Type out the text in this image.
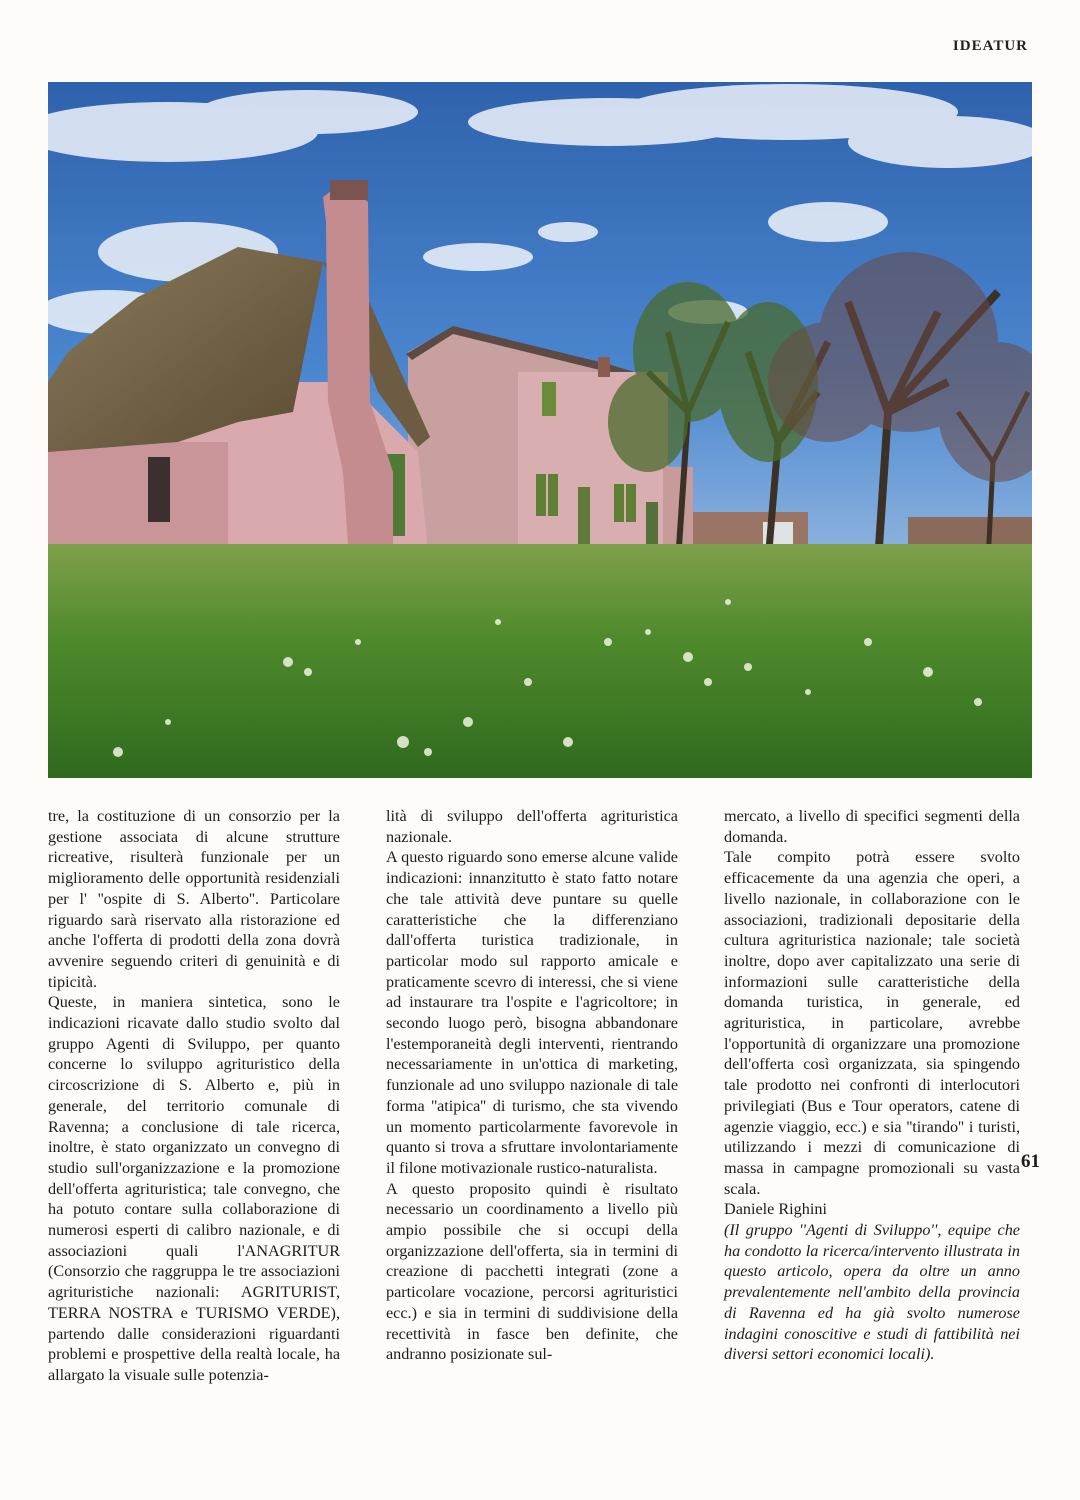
IDEATUR

tre, la costituzione di un consorzio per la gestione associata di alcune strutture ricreative, risulterà funzionale per un miglioramento delle opportunità residenziali per l' ''ospite di S. Alberto''. Particolare riguardo sarà riservato alla ristorazione ed anche l'offerta di prodotti della zona dovrà avvenire seguendo criteri di genuinità e di tipicità.

Queste, in maniera sintetica, sono le indicazioni ricavate dallo studio svolto dal gruppo Agenti di Sviluppo, per quanto concerne lo sviluppo agrituristico della circoscrizione di S. Alberto e, più in generale, del territorio comunale di Ravenna; a conclusione di tale ricerca, inoltre, è stato organizzato un convegno di studio sull'organizzazione e la promozione dell'offerta agrituristica; tale convegno, che ha potuto contare sulla collaborazione di numerosi esperti di calibro nazionale, e di associazioni quali l'ANAGRITUR (Consorzio che raggruppa le tre associazioni agrituristiche nazionali: AGRITURIST, TERRA NOSTRA e TURISMO VERDE), partendo dalle considerazioni riguardanti problemi e prospettive della realtà locale, ha allargato la visuale sulle potenzia-

lità di sviluppo dell'offerta agrituristica nazionale.

A questo riguardo sono emerse alcune valide indicazioni: innanzitutto è stato fatto notare che tale attività deve puntare su quelle caratteristiche che la differenziano dall'offerta turistica tradizionale, in particolar modo sul rapporto amicale e praticamente scevro di interessi, che si viene ad instaurare tra l'ospite e l'agricoltore; in secondo luogo però, bisogna abbandonare l'estemporaneità degli interventi, rientrando necessariamente in un'ottica di marketing, funzionale ad uno sviluppo nazionale di tale forma ''atipica'' di turismo, che sta vivendo un momento particolarmente favorevole in quanto si trova a sfruttare involontariamente il filone motivazionale rustico-naturalista.

A questo proposito quindi è risultato necessario un coordinamento a livello più ampio possibile che si occupi della organizzazione dell'offerta, sia in termini di creazione di pacchetti integrati (zone a particolare vocazione, percorsi agrituristici ecc.) e sia in termini di suddivisione della recettività in fasce ben definite, che andranno posizionate sul-

mercato, a livello di specifici segmenti della domanda.

Tale compito potrà essere svolto efficacemente da una agenzia che operi, a livello nazionale, in collaborazione con le associazioni, tradizionali depositarie della cultura agrituristica nazionale; tale società inoltre, dopo aver capitalizzato una serie di informazioni sulle caratteristiche della domanda turistica, in generale, ed agrituristica, in particolare, avrebbe l'opportunità di organizzare una promozione dell'offerta così organizzata, sia spingendo tale prodotto nei confronti di interlocutori privilegiati (Bus e Tour operators, catene di agenzie viaggio, ecc.) e sia ''tirando'' i turisti, utilizzando i mezzi di comunicazione di massa in campagne promozionali su vasta scala.

Daniele Righini

(Il gruppo ''Agenti di Sviluppo'', equipe che ha condotto la ricerca/intervento illustrata in questo articolo, opera da oltre un anno prevalentemente nell'ambito della provincia di Ravenna ed ha già svolto numerose indagini conoscitive e studi di fattibilità nei diversi settori economici locali).

61
